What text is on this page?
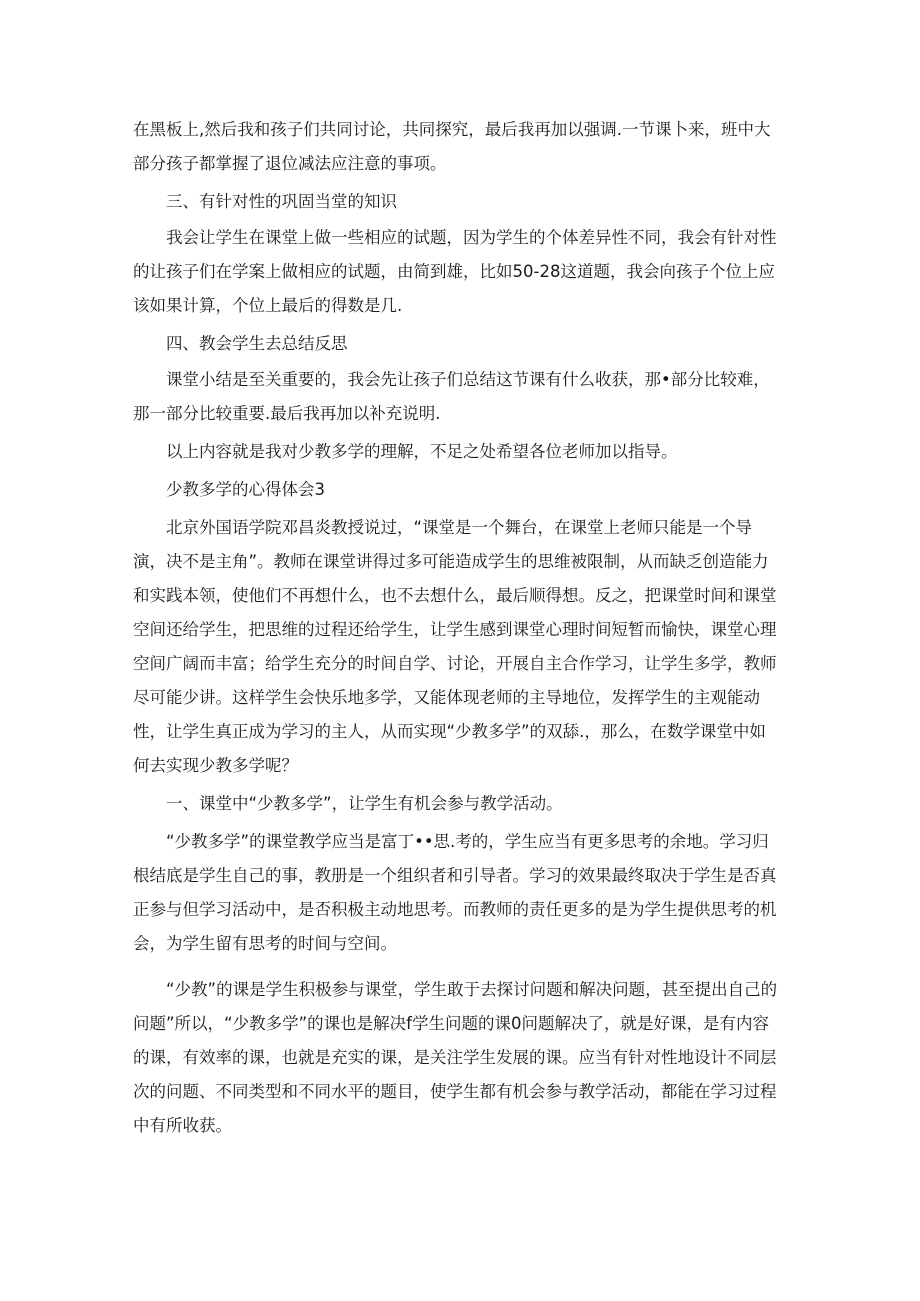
在黑板上,然后我和孩子们共同讨论，共同探究，最后我再加以强调.一节课卜来，班中大部分孩子都掌握了退位减法应注意的事项。

三、有针对性的巩固当堂的知识

我会让学生在课堂上做一些相应的试题，因为学生的个体差异性不同，我会有针对性的让孩子们在学案上做相应的试题，由简到雄，比如50-28这道题，我会向孩子个位上应该如果计算，个位上最后的得数是几.

四、教会学生去总结反思

课堂小结是至关重要的，我会先让孩子们总结这节课有什么收获，那•部分比较难，那一部分比较重要.最后我再加以补充说明.

以上内容就是我对少教多学的理解，不足之处希望各位老师加以指导。

少教多学的心得体会3

北京外国语学院邓昌炎教授说过，“课堂是一个舞台，在课堂上老师只能是一个导演，决不是主角”。教师在课堂讲得过多可能造成学生的思维被限制，从而缺乏创造能力和实践本领，使他们不再想什么，也不去想什么，最后顺得想。反之，把课堂时间和课堂空间还给学生，把思维的过程还给学生，让学生感到课堂心理时间短暂而愉快，课堂心理空间广阔而丰富；给学生充分的时间自学、讨论，开展自主合作学习，让学生多学，教师尽可能少讲。这样学生会快乐地多学，又能体现老师的主导地位，发挥学生的主观能动性，让学生真正成为学习的主人，从而实现“少教多学”的双舔.，那么，在数学课堂中如何去实现少教多学呢？

一、课堂中“少教多学”，让学生有机会参与教学活动。

“少教多学”的课堂教学应当是富丁••思.考的，学生应当有更多思考的余地。学习归根结底是学生自己的事，教册是一个组织者和引导者。学习的效果最终取决于学生是否真正参与但学习活动中，是否积极主动地思考。而教师的责任更多的是为学生提供思考的机会，为学生留有思考的时间与空间。

“少教”的课是学生积极参与课堂，学生敢于去探讨问题和解决问题，甚至提出自己的问题”所以，“少教多学”的课也是解决f学生问题的课0问题解决了，就是好课，是有内容的课，有效率的课，也就是充实的课，是关注学生发展的课。应当有针对性地设计不同层次的问题、不同类型和不同水平的题目，使学生都有机会参与教学活动，都能在学习过程中有所收获。
